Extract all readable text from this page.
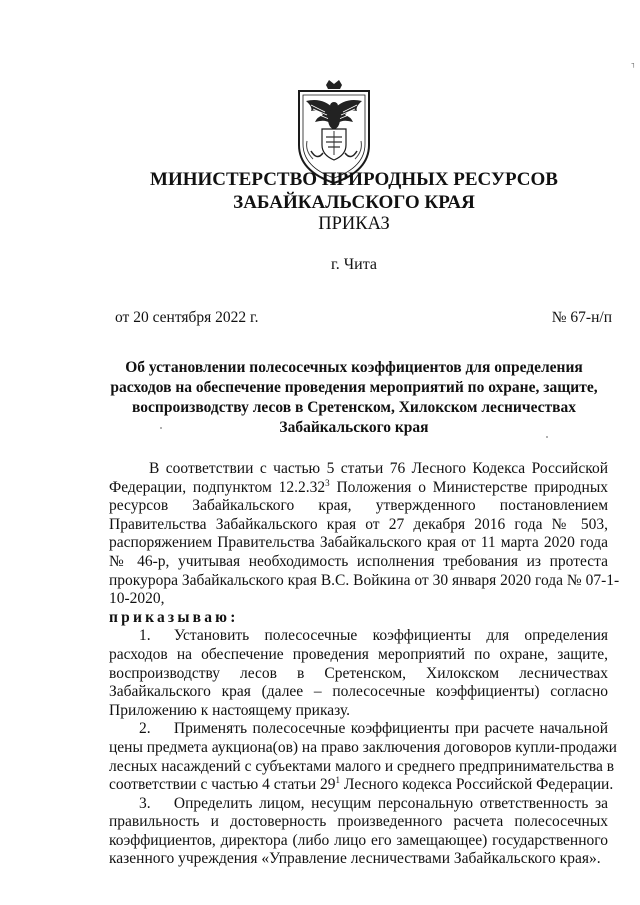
⌐

МИНИСТЕРСТВО ПРИРОДНЫХ РЕСУРСОВ
ЗАБАЙКАЛЬСКОГО КРАЯ

ПРИКАЗ

г. Чита

от 20 сентября 2022 г.	№ 67-н/п
Об установлении полесосечных коэффициентов для определения
расходов на обеспечение проведения мероприятий по охране, защите,
воспроизводству лесов в Сретенском, Хилокском лесничествах
Забайкальского края
В соответствии с частью 5 статьи 76 Лесного Кодекса Российской
Федерации, подпунктом 12.2.32$^3$ Положения о Министерстве природных
ресурсов Забайкальского края, утвержденного постановлением
Правительства Забайкальского края от 27 декабря 2016 года № 503,
распоряжением Правительства Забайкальского края от 11 марта 2020 года
№ 46-р, учитывая необходимость исполнения требования из протеста
прокурора Забайкальского края В.С. Войкина от 30 января 2020 года № 07-1-
10-2020,
приказываю:
1.   Установить полесосечные коэффициенты для определения
расходов на обеспечение проведения мероприятий по охране, защите,
воспроизводству лесов в Сретенском, Хилокском лесничествах
Забайкальского края (далее – полесосечные коэффициенты) согласно
Приложению к настоящему приказу.
2.   Применять полесосечные коэффициенты при расчете начальной
цены предмета аукциона(ов) на право заключения договоров купли-продажи
лесных насаждений с субъектами малого и среднего предпринимательства в
соответствии с частью 4 статьи $29^1$ Лесного кодекса Российской Федерации.
3.   Определить лицом, несущим персональную ответственность за
правильность и достоверность произведенного расчета полесосечных
коэффициентов, директора (либо лицо его замещающее) государственного
казенного учреждения «Управление лесничествами Забайкальского края».
